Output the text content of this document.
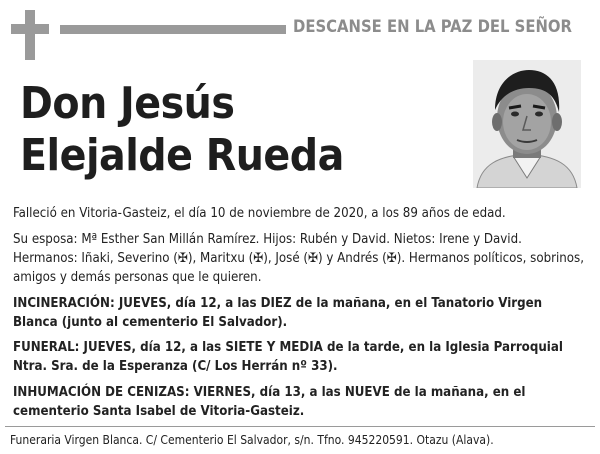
DESCANSE EN LA PAZ DEL SEÑOR
Don Jesús
Elejalde Rueda
Falleció en Vitoria-Gasteiz, el día 10 de noviembre de 2020, a los 89 años de edad.
Su esposa: Mª Esther San Millán Ramírez. Hijos: Rubén y David. Nietos: Irene y David. Hermanos: Iñaki, Severino (✠), Maritxu (✠), José (✠) y Andrés (✠). Hermanos políticos, sobrinos, amigos y demás personas que le quieren.
INCINERACIÓN: JUEVES, día 12, a las DIEZ de la mañana, en el Tanatorio Virgen Blanca (junto al cementerio El Salvador).
FUNERAL: JUEVES, día 12, a las SIETE Y MEDIA de la tarde, en la Iglesia Parroquial Ntra. Sra. de la Esperanza (C/ Los Herrán nº 33).
INHUMACIÓN DE CENIZAS: VIERNES, día 13, a las NUEVE de la mañana, en el cementerio Santa Isabel de Vitoria-Gasteiz.
Funeraria Virgen Blanca. C/ Cementerio El Salvador, s/n. Tfno. 945220591. Otazu (Alava).
